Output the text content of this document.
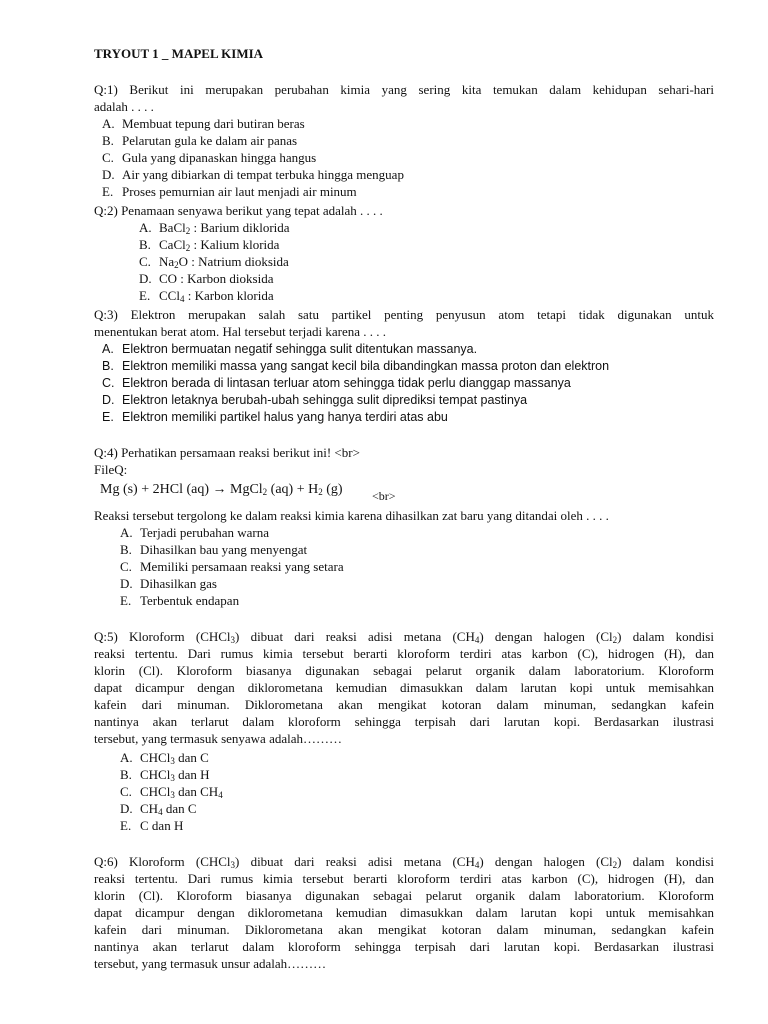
TRYOUT 1 _ MAPEL KIMIA
Q:1) Berikut ini merupakan perubahan kimia yang sering kita temukan dalam kehidupan sehari-hari
adalah . . . .
A. Membuat tepung dari butiran beras
B. Pelarutan gula ke dalam air panas
C. Gula yang dipanaskan hingga hangus
D. Air yang dibiarkan di tempat terbuka hingga menguap
E. Proses pemurnian air laut menjadi air minum
Q:2) Penamaan senyawa berikut yang tepat adalah . . . .
A. BaCl$_2$ : Barium diklorida
B. CaCl$_2$ : Kalium klorida
C. $Na_2O$ : Natrium dioksida
D. CO : Karbon dioksida
E. CCl$_4$ : Karbon klorida
Q:3) Elektron merupakan salah satu partikel penting penyusun atom tetapi tidak digunakan untuk
menentukan berat atom. Hal tersebut terjadi karena . . . .
A. Elektron bermuatan negatif sehingga sulit ditentukan massanya.
B. Elektron memiliki massa yang sangat kecil bila dibandingkan massa proton dan elektron
C. Elektron berada di lintasan terluar atom sehingga tidak perlu dianggap massanya
D. Elektron letaknya berubah-ubah sehingga sulit diprediksi tempat pastinya
E. Elektron memiliki partikel halus yang hanya terdiri atas abu
Q:4) Perhatikan persamaan reaksi berikut ini! <br>
FileQ:
Mg (s) + 2HCl (aq) → MgCl$_2$ $(aq) + H_2$ (g) <br>
Reaksi tersebut tergolong ke dalam reaksi kimia karena dihasilkan zat baru yang ditandai oleh . . . .
A. Terjadi perubahan warna
B. Dihasilkan bau yang menyengat
C. Memiliki persamaan reaksi yang setara
D. Dihasilkan gas
E. Terbentuk endapan
Q:5) Kloroform (CHCl$_3$) dibuat dari reaksi adisi metana $(CH_4)$ dengan halogen $(Cl_2)$ dalam kondisi
reaksi tertentu. Dari rumus kimia tersebut berarti kloroform terdiri atas karbon (C), hidrogen (H), dan
klorin (Cl). Kloroform biasanya digunakan sebagai pelarut organik dalam laboratorium. Kloroform
dapat dicampur dengan diklorometana kemudian dimasukkan dalam larutan kopi untuk memisahkan
kafein dari minuman. Diklorometana akan mengikat kotoran dalam minuman, sedangkan kafein
nantinya akan terlarut dalam kloroform sehingga terpisah dari larutan kopi. Berdasarkan ilustrasi
tersebut, yang termasuk senyawa adalah………
A. CHCl$_3$ dan C
B. CHCl$_3$ dan H
C. CHCl$_3$ dan $CH_4$
D. $CH_4$ dan C
E. C dan H
Q:6) Kloroform (CHCl$_3$) dibuat dari reaksi adisi metana $(CH_4)$ dengan halogen $(Cl_2)$ dalam kondisi
reaksi tertentu. Dari rumus kimia tersebut berarti kloroform terdiri atas karbon (C), hidrogen (H), dan
klorin (Cl). Kloroform biasanya digunakan sebagai pelarut organik dalam laboratorium. Kloroform
dapat dicampur dengan diklorometana kemudian dimasukkan dalam larutan kopi untuk memisahkan
kafein dari minuman. Diklorometana akan mengikat kotoran dalam minuman, sedangkan kafein
nantinya akan terlarut dalam kloroform sehingga terpisah dari larutan kopi. Berdasarkan ilustrasi
tersebut, yang termasuk unsur adalah………
